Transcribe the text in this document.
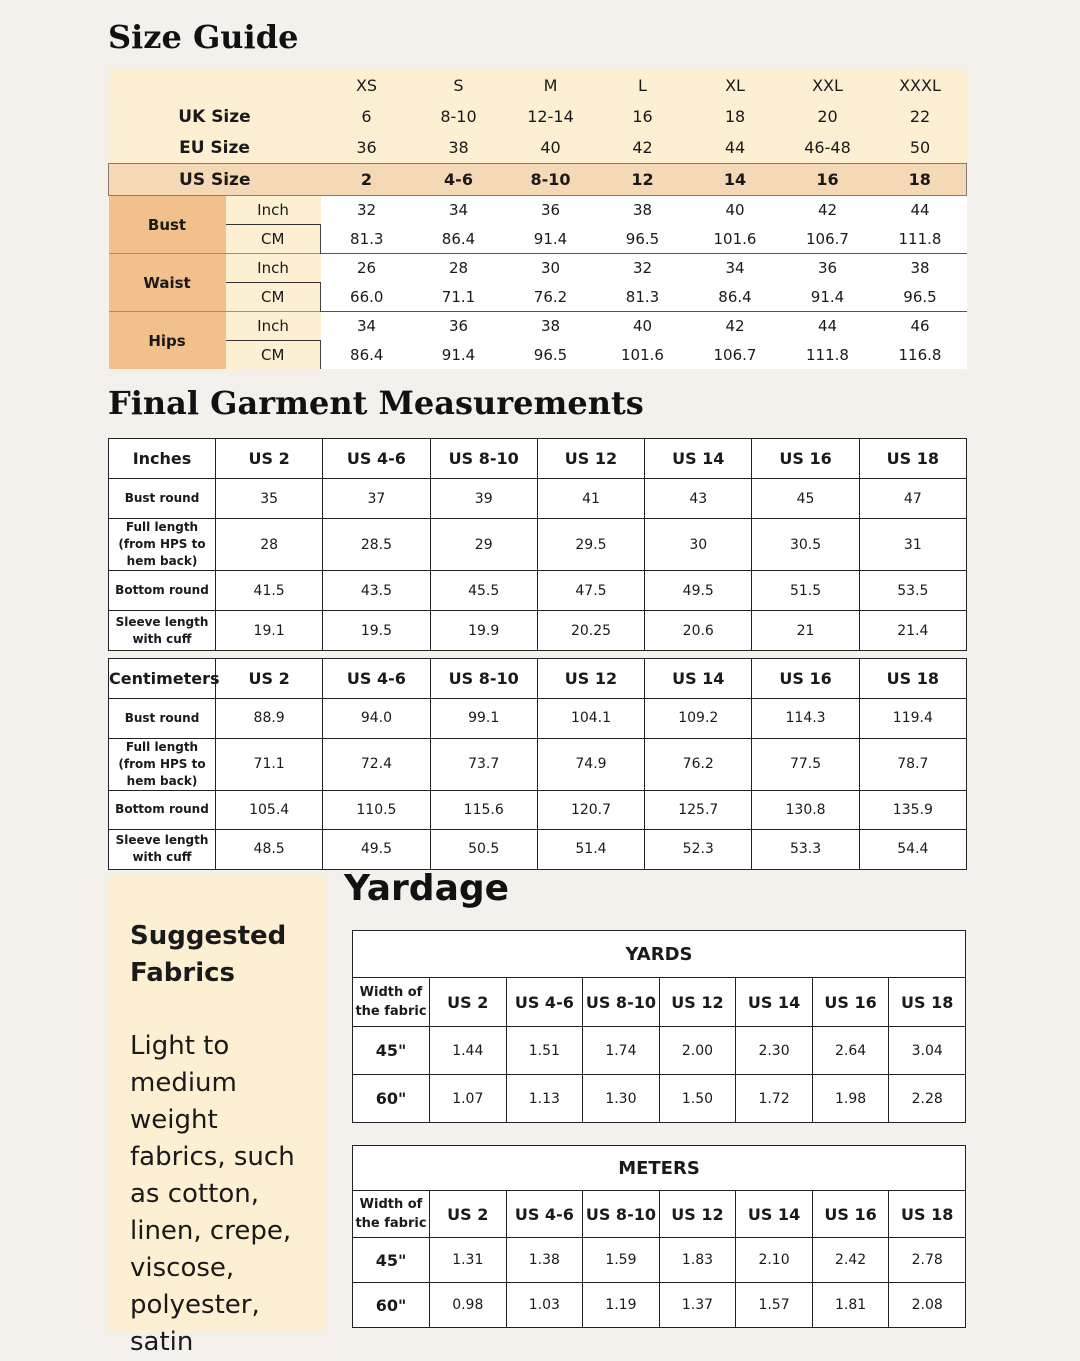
Size Guide
		XS	S	M	L	XL	XXL	XXXL
UK Size		6	8-10	12-14	16	18	20	22
EU Size		36	38	40	42	44	46-48	50
US Size		2	4-6	8-10	12	14	16	18
Bust	Inch	32	34	36	38	40	42	44
	CM	81.3	86.4	91.4	96.5	101.6	106.7	111.8
Waist	Inch	26	28	30	32	34	36	38
	CM	66.0	71.1	76.2	81.3	86.4	91.4	96.5
Hips	Inch	34	36	38	40	42	44	46
	CM	86.4	91.4	96.5	101.6	106.7	111.8	116.8
Final Garment Measurements
Inches	US 2	US 4-6	US 8-10	US 12	US 14	US 16	US 18
Bust round	35	37	39	41	43	45	47
Full length (from HPS to hem back)	28	28.5	29	29.5	30	30.5	31
Bottom round	41.5	43.5	45.5	47.5	49.5	51.5	53.5
Sleeve length with cuff	19.1	19.5	19.9	20.25	20.6	21	21.4
Centimeters	US 2	US 4-6	US 8-10	US 12	US 14	US 16	US 18
Bust round	88.9	94.0	99.1	104.1	109.2	114.3	119.4
Full length (from HPS to hem back)	71.1	72.4	73.7	74.9	76.2	77.5	78.7
Bottom round	105.4	110.5	115.6	120.7	125.7	130.8	135.9
Sleeve length with cuff	48.5	49.5	50.5	51.4	52.3	53.3	54.4
Suggested Fabrics
Light to medium weight fabrics, such as cotton, linen, crepe, viscose, polyester, satin
Yardage
YARDS							
Width of the fabric	US 2	US 4-6	US 8-10	US 12	US 14	US 16	US 18
45"	1.44	1.51	1.74	2.00	2.30	2.64	3.04
60"	1.07	1.13	1.30	1.50	1.72	1.98	2.28
METERS							
Width of the fabric	US 2	US 4-6	US 8-10	US 12	US 14	US 16	US 18
45"	1.31	1.38	1.59	1.83	2.10	2.42	2.78
60"	0.98	1.03	1.19	1.37	1.57	1.81	2.08
